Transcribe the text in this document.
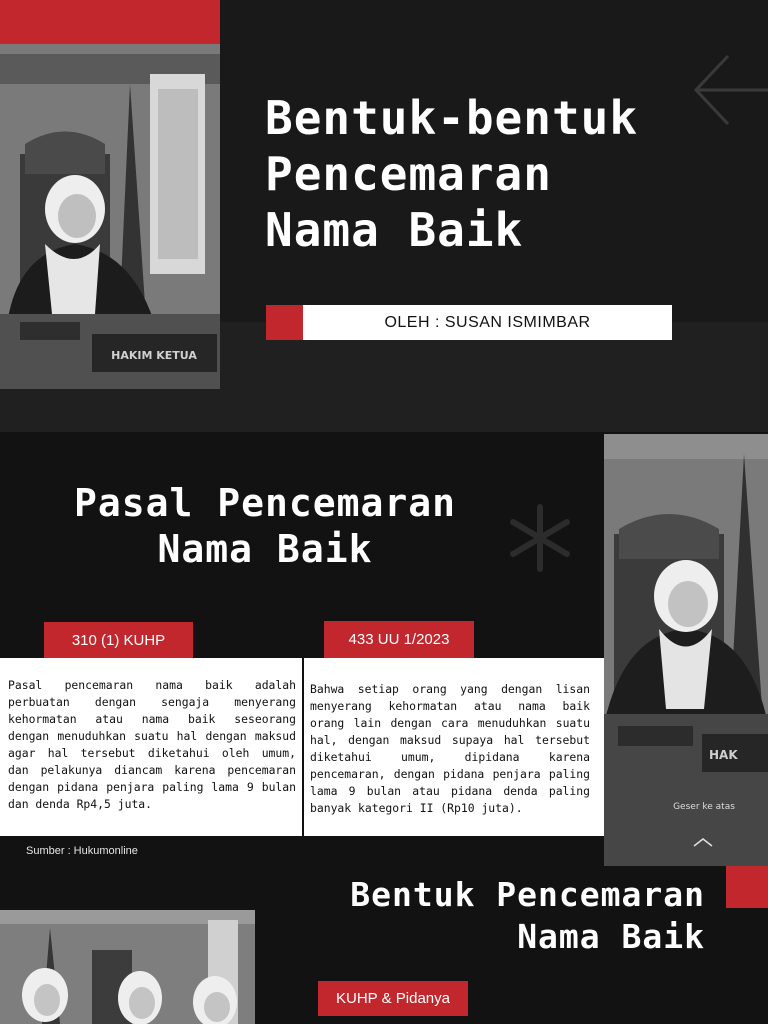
HAKIM KETUA
Bentuk-bentuk
Pencemaran
Nama Baik
OLEH : SUSAN ISMIMBAR
Pasal Pencemaran
Nama Baik
HAK
Geser ke atas
310 (1) KUHP	433 UU 1/2023
Pasal pencemaran nama baik adalah perbuatan dengan sengaja menyerang kehormatan atau nama baik seseorang dengan menuduhkan suatu hal dengan maksud agar hal tersebut diketahui oleh umum, dan pelakunya diancam karena pencemaran dengan pidana penjara paling lama 9 bulan dan denda Rp4,5 juta.
Bahwa setiap orang yang dengan lisan menyerang kehormatan atau nama baik orang lain dengan cara menuduhkan suatu hal, dengan maksud supaya hal tersebut diketahui umum, dipidana karena pencemaran, dengan pidana penjara paling lama 9 bulan atau pidana denda paling banyak kategori II (Rp10 juta).
Sumber : Hukumonline
Bentuk Pencemaran
Nama Baik
KUHP & Pidanya
